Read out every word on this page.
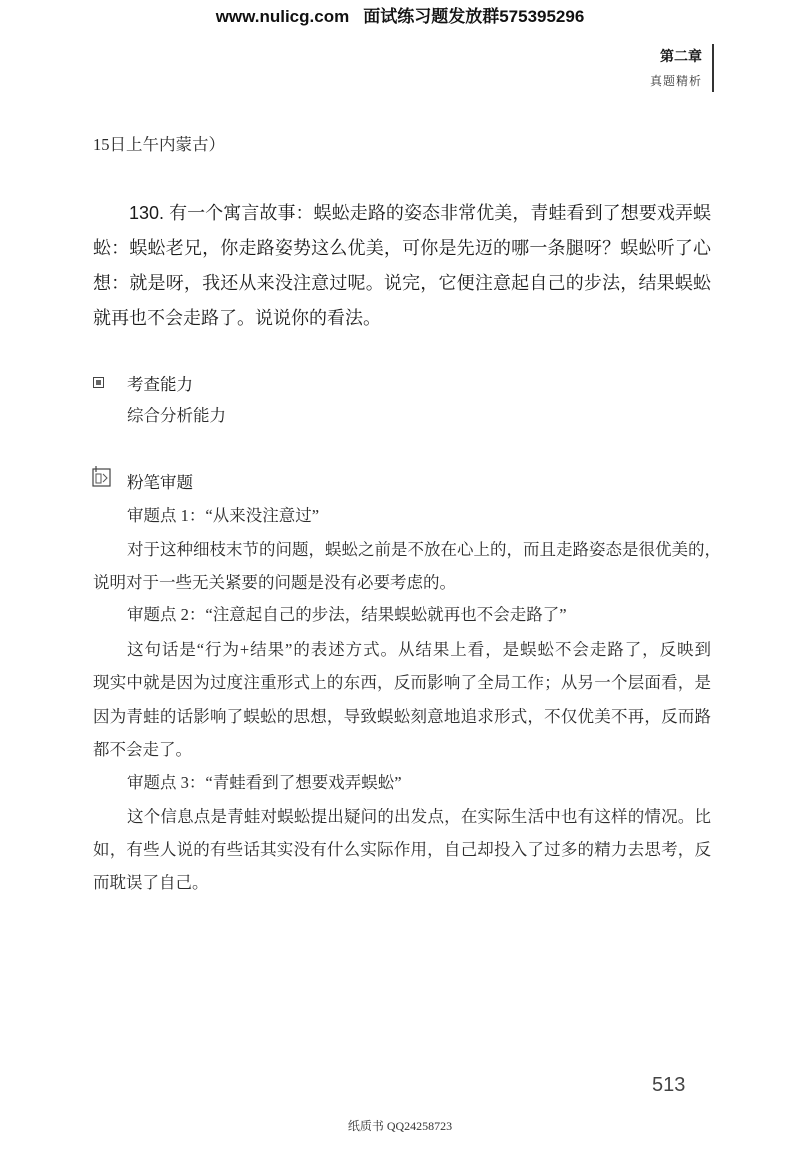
www.nulicg.com 面试练习题发放群575395296
第二章
真题精析
15日上午内蒙古）
130. 有一个寓言故事：蜈蚣走路的姿态非常优美，青蛙看到了想要戏弄蜈
蚣：蜈蚣老兄，你走路姿势这么优美，可你是先迈的哪一条腿呀？蜈蚣听了心
想：就是呀，我还从来没注意过呢。说完，它便注意起自己的步法，结果蜈蚣
就再也不会走路了。说说你的看法。
考查能力
综合分析能力
粉笔审题
审题点 1：“从来没注意过”
对于这种细枝末节的问题，蜈蚣之前是不放在心上的，而且走路姿态是很优美的，
说明对于一些无关紧要的问题是没有必要考虑的。
审题点 2：“注意起自己的步法，结果蜈蚣就再也不会走路了”
这句话是“行为+结果”的表述方式。从结果上看，是蜈蚣不会走路了，反映到
现实中就是因为过度注重形式上的东西，反而影响了全局工作；从另一个层面看，是
因为青蛙的话影响了蜈蚣的思想，导致蜈蚣刻意地追求形式，不仅优美不再，反而路
都不会走了。
审题点 3：“青蛙看到了想要戏弄蜈蚣”
这个信息点是青蛙对蜈蚣提出疑问的出发点，在实际生活中也有这样的情况。比
如，有些人说的有些话其实没有什么实际作用，自己却投入了过多的精力去思考，反
而耽误了自己。
513
纸质书 QQ24258723
